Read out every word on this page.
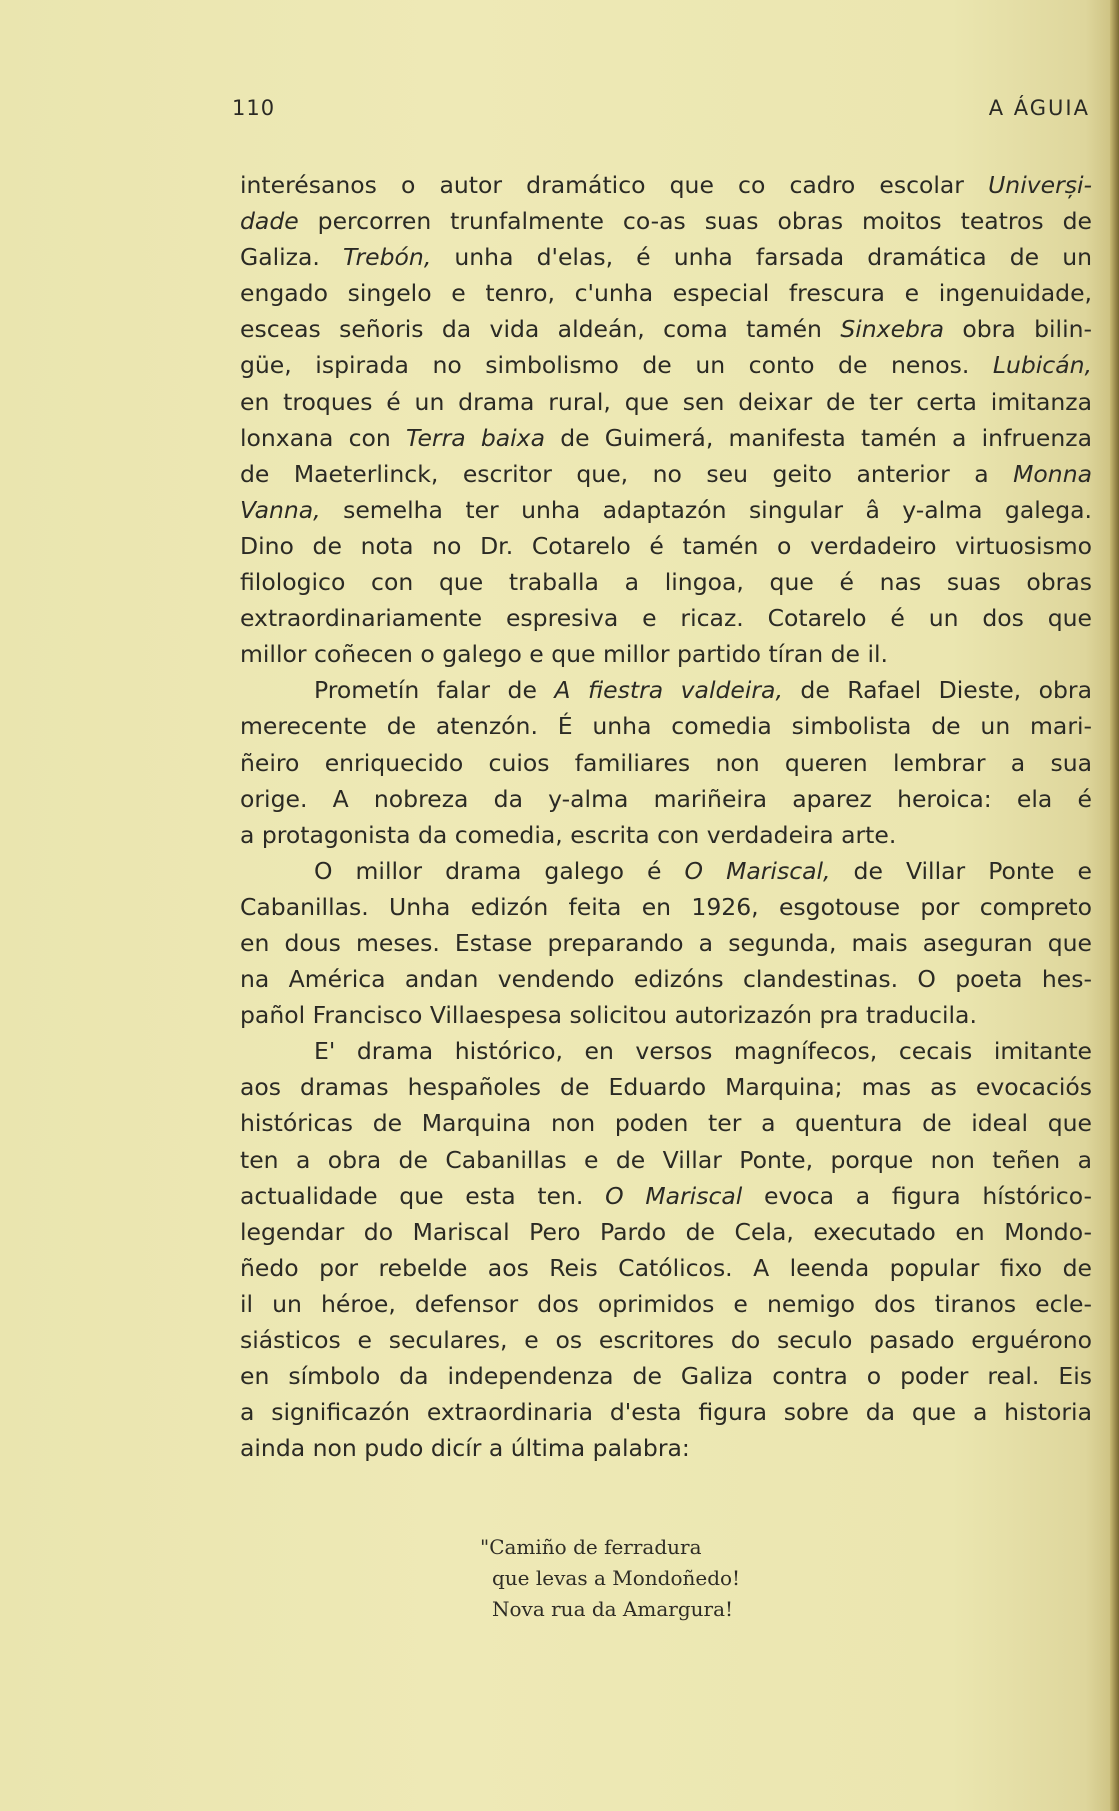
110	A ÁGUIA
interésanos o autor dramático que co cadro escolar Univerși-
dade percorren trunfalmente co-as suas obras moitos teatros de
Galiza. Trebón, unha d'elas, é unha farsada dramática de un
engado singelo e tenro, c'unha especial frescura e ingenuidade,
esceas señoris da vida aldeán, coma tamén Sinxebra obra bilin-
güe, ispirada no simbolismo de un conto de nenos. Lubicán,
en troques é un drama rural, que sen deixar de ter certa imitanza
lonxana con Terra baixa de Guimerá, manifesta tamén a infruenza
de Maeterlinck, escritor que, no seu geito anterior a Monna
Vanna, semelha ter unha adaptazón singular â y-alma galega.
Dino de nota no Dr. Cotarelo é tamén o verdadeiro virtuosismo
filologico con que traballa a lingoa, que é nas suas obras
extraordinariamente espresiva e ricaz. Cotarelo é un dos que
millor coñecen o galego e que millor partido tíran de il.
Prometín falar de A fiestra valdeira, de Rafael Dieste, obra
merecente de atenzón. É unha comedia simbolista de un mari-
ñeiro enriquecido cuios familiares non queren lembrar a sua
orige. A nobreza da y-alma mariñeira aparez heroica: ela é
a protagonista da comedia, escrita con verdadeira arte.
O millor drama galego é O Mariscal, de Villar Ponte e
Cabanillas. Unha edizón feita en 1926, esgotouse por compreto
en dous meses. Estase preparando a segunda, mais aseguran que
na América andan vendendo edizóns clandestinas. O poeta hes-
pañol Francisco Villaespesa solicitou autorizazón pra traducila.
E' drama histórico, en versos magnífecos, cecais imitante
aos dramas hespañoles de Eduardo Marquina; mas as evocaciós
históricas de Marquina non poden ter a quentura de ideal que
ten a obra de Cabanillas e de Villar Ponte, porque non teñen a
actualidade que esta ten. O Mariscal evoca a figura hístórico-
legendar do Mariscal Pero Pardo de Cela, executado en Mondo-
ñedo por rebelde aos Reis Católicos. A leenda popular fixo de
il un héroe, defensor dos oprimidos e nemigo dos tiranos ecle-
siásticos e seculares, e os escritores do seculo pasado erguérono
en símbolo da independenza de Galiza contra o poder real. Eis
a significazón extraordinaria d'esta figura sobre da que a historia
ainda non pudo dicír a última palabra:
"Camiño de ferradura
que levas a Mondoñedo!
Nova rua da Amargura!
